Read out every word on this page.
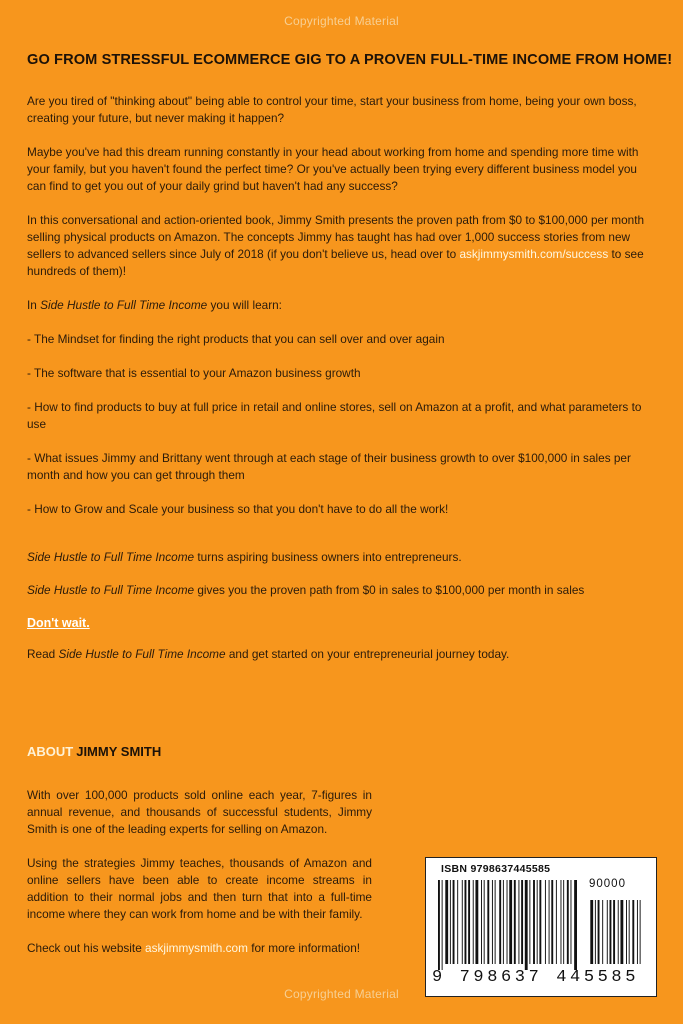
Copyrighted Material
GO FROM STRESSFUL ECOMMERCE GIG TO A PROVEN FULL-TIME INCOME FROM HOME!

Are you tired of "thinking about" being able to control your time, start your business from home, being your own boss, creating your future, but never making it happen?

Maybe you've had this dream running constantly in your head about working from home and spending more time with your family, but you haven't found the perfect time? Or you've actually been trying every different business model you can find to get you out of your daily grind but haven't had any success?

In this conversational and action-oriented book, Jimmy Smith presents the proven path from $0 to $100,000 per month selling physical products on Amazon. The concepts Jimmy has taught has had over 1,000 success stories from new sellers to advanced sellers since July of 2018 (if you don't believe us, head over to askjimmysmith.com/success to see hundreds of them)!

In Side Hustle to Full Time Income you will learn:

- The Mindset for finding the right products that you can sell over and over again

- The software that is essential to your Amazon business growth

- How to find products to buy at full price in retail and online stores, sell on Amazon at a profit, and what parameters to use

- What issues Jimmy and Brittany went through at each stage of their business growth to over $100,000 in sales per month and how you can get through them

- How to Grow and Scale your business so that you don't have to do all the work!

Side Hustle to Full Time Income turns aspiring business owners into entrepreneurs.

Side Hustle to Full Time Income gives you the proven path from $0 in sales to $100,000 per month in sales

Don't wait.

Read Side Hustle to Full Time Income and get started on your entrepreneurial journey today.

ABOUT JIMMY SMITH

With over 100,000 products sold online each year, 7-figures in annual revenue, and thousands of successful students, Jimmy Smith is one of the leading experts for selling on Amazon.

Using the strategies Jimmy teaches, thousands of Amazon and online sellers have been able to create income streams in addition to their normal jobs and then turn that into a full-time income where they can work from home and be with their family.

Check out his website askjimmysmith.com for more information!

ISBN 9798637445585
90000
9 798637 445585
Copyrighted Material
